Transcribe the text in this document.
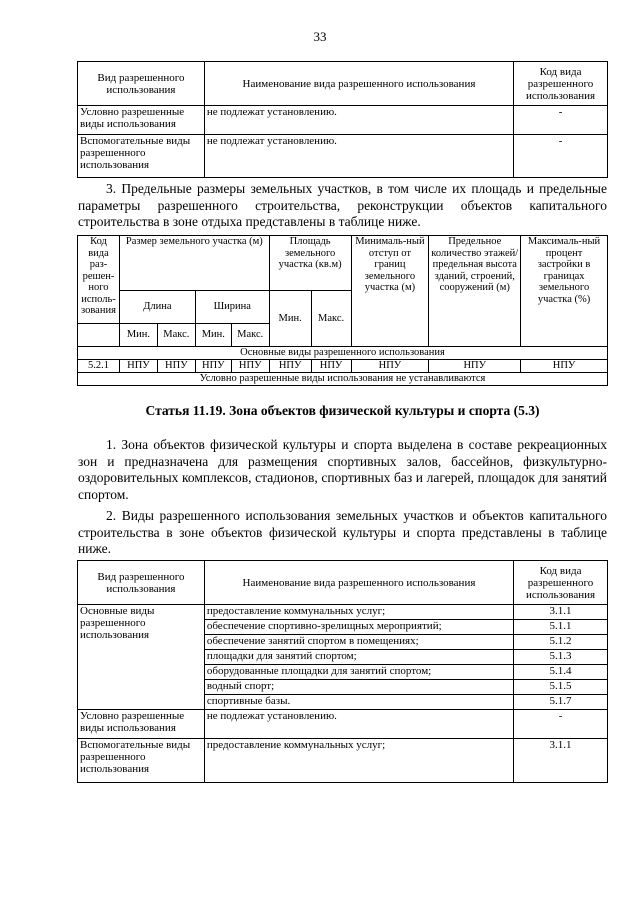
33
Вид разрешенного использования	Наименование вида разрешенного использования	Код вида разрешенного использования
Условно разрешенные виды использования	не подлежат установлению.	-
Вспомогательные виды разрешенного использования	не подлежат установлению.	-

3. Предельные размеры земельных участков, в том числе их площадь и предельные параметры разрешенного строительства, реконструкции объектов капитального строительства в зоне отдыха представлены в таблице ниже.

Код вида раз-решен-ного исполь-зования	Размер земельного участка (м)				Площадь земельного участка (кв.м)		Минималь-ный отступ от границ земельного участка (м)	Предельное количество этажей/ предельная высота зданий, строений, сооружений (м)	Максималь-ный процент застройки в границах земельного участка (%)
	Длина		Ширина		Мин.	Макс.			
	Мин.	Макс.	Мин.	Макс.					
Основные виды разрешенного использования									
5.2.1	НПУ	НПУ	НПУ	НПУ	НПУ	НПУ	НПУ	НПУ	НПУ
Условно разрешенные виды использования не устанавливаются									
Статья 11.19. Зона объектов физической культуры и спорта (5.3)

1. Зона объектов физической культуры и спорта выделена в составе рекреационных зон и предназначена для размещения спортивных залов, бассейнов, физкультурно-оздоровительных комплексов, стадионов, спортивных баз и лагерей, площадок для занятий спортом.

2. Виды разрешенного использования земельных участков и объектов капитального строительства в зоне объектов физической культуры и спорта представлены в таблице ниже.

Вид разрешенного использования	Наименование вида разрешенного использования	Код вида разрешенного использования
Основные виды разрешенного использования	предоставление коммунальных услуг;	3.1.1
	обеспечение спортивно-зрелищных мероприятий;	5.1.1
	обеспечение занятий спортом в помещениях;	5.1.2
	площадки для занятий спортом;	5.1.3
	оборудованные площадки для занятий спортом;	5.1.4
	водный спорт;	5.1.5
	спортивные базы.	5.1.7
Условно разрешенные виды использования	не подлежат установлению.	-
Вспомогательные виды разрешенного использования	предоставление коммунальных услуг;	3.1.1
